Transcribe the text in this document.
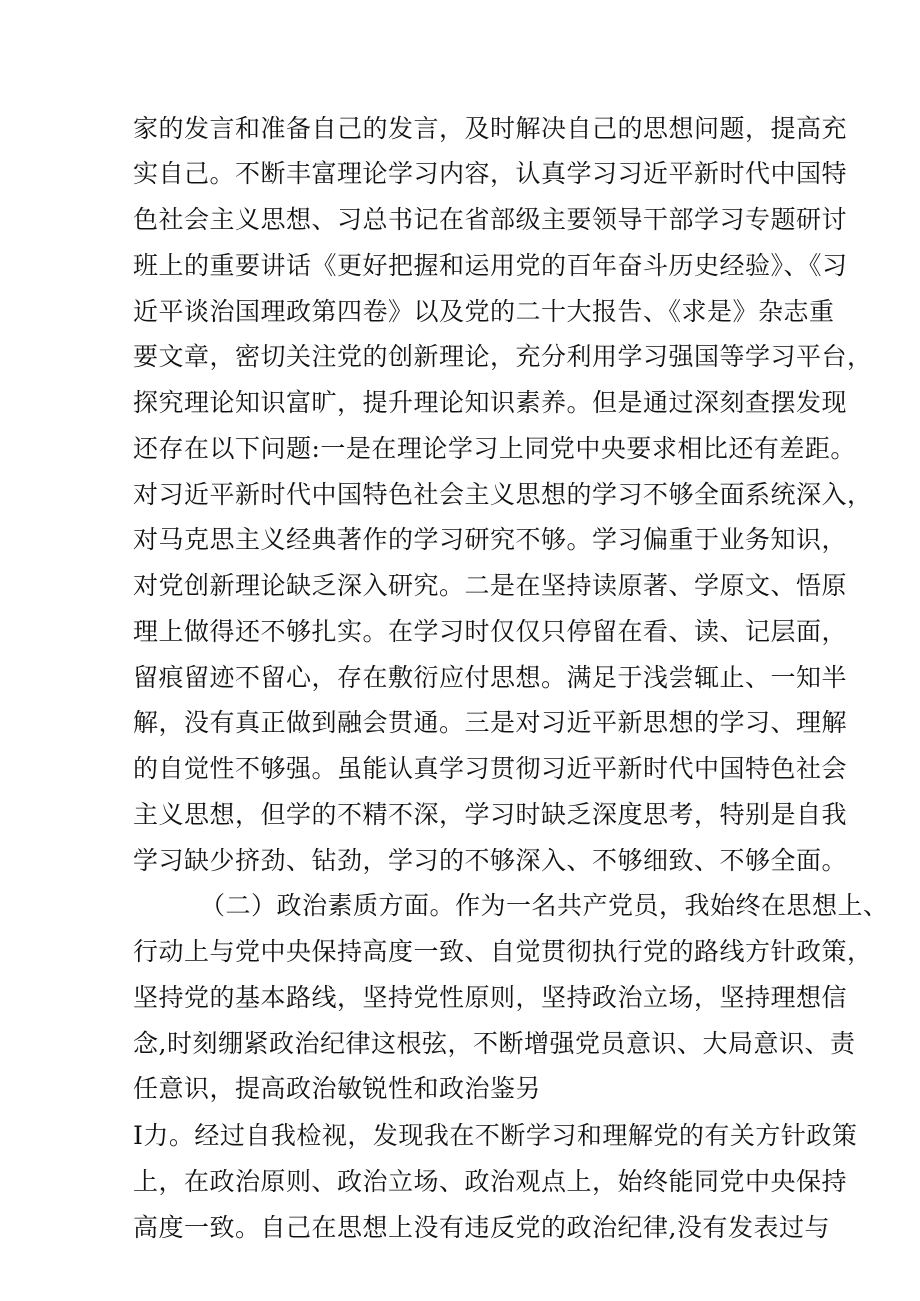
家的发言和准备自己的发言，及时解决自己的思想问题，提高充
实自己。不断丰富理论学习内容，认真学习习近平新时代中国特
色社会主义思想、习总书记在省部级主要领导干部学习专题研讨
班上的重要讲话《更好把握和运用党的百年奋斗历史经验》、《习
近平谈治国理政第四卷》以及党的二十大报告、《求是》杂志重
要文章，密切关注党的创新理论，充分利用学习强国等学习平台，
探究理论知识富旷，提升理论知识素养。但是通过深刻查摆发现
还存在以下问题:一是在理论学习上同党中央要求相比还有差距。
对习近平新时代中国特色社会主义思想的学习不够全面系统深入，
对马克思主义经典著作的学习研究不够。学习偏重于业务知识，
对党创新理论缺乏深入研究。二是在坚持读原著、学原文、悟原
理上做得还不够扎实。在学习时仅仅只停留在看、读、记层面，
留痕留迹不留心，存在敷衍应付思想。满足于浅尝辄止、一知半
解，没有真正做到融会贯通。三是对习近平新思想的学习、理解
的自觉性不够强。虽能认真学习贯彻习近平新时代中国特色社会
主义思想，但学的不精不深，学习时缺乏深度思考，特别是自我
学习缺少挤劲、钻劲，学习的不够深入、不够细致、不够全面。
（二）政治素质方面。作为一名共产党员，我始终在思想上、
行动上与党中央保持高度一致、自觉贯彻执行党的路线方针政策，
坚持党的基本路线，坚持党性原则，坚持政治立场，坚持理想信
念,时刻绷紧政治纪律这根弦，不断增强党员意识、大局意识、责
任意识，提高政治敏锐性和政治鉴另
I力。经过自我检视，发现我在不断学习和理解党的有关方针政策
上，在政治原则、政治立场、政治观点上，始终能同党中央保持
高度一致。自己在思想上没有违反党的政治纪律,没有发表过与
